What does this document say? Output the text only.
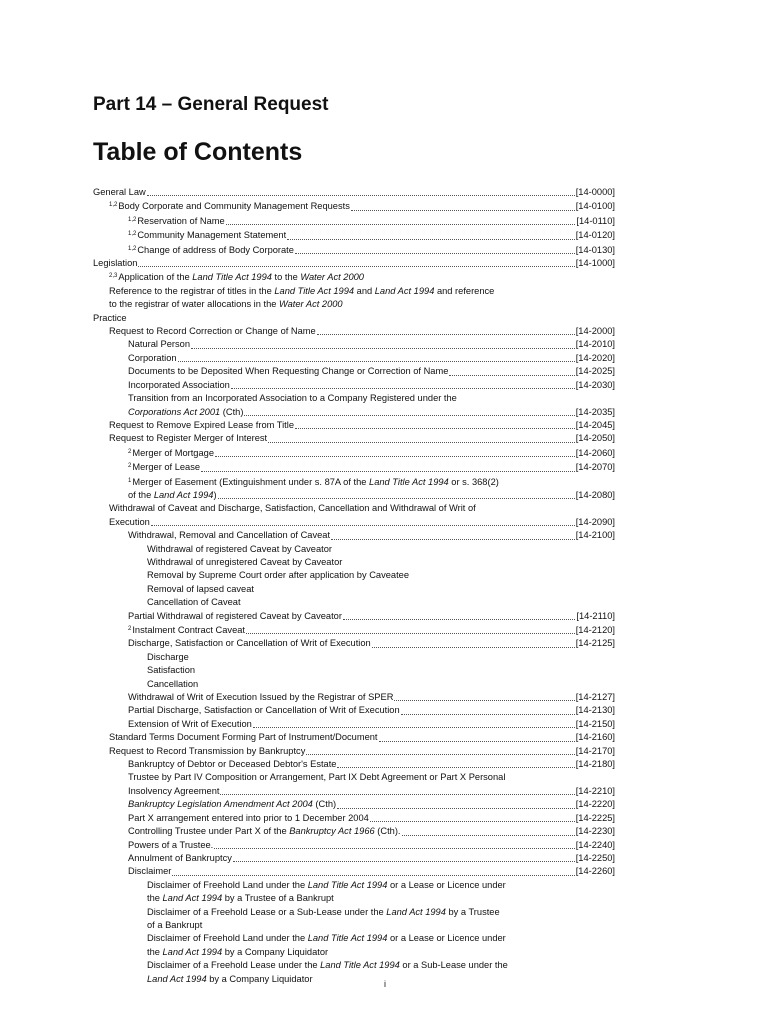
Part 14 – General Request
Table of Contents
General Law	[14-0000]
$^{1,2}$Body Corporate and Community Management Requests	[14-0100]
$^{1,2}$Reservation of Name	[14-0110]
$^{1,2}$Community Management Statement	[14-0120]
$^{1,2}$Change of address of Body Corporate	[14-0130]
Legislation	[14-1000]
$^{2,3}$Application of the Land Title Act 1994 to the Water Act 2000
Reference to the registrar of titles in the Land Title Act 1994 and Land Act 1994 and reference
to the registrar of water allocations in the Water Act 2000
Practice
Request to Record Correction or Change of Name	[14-2000]
Natural Person	[14-2010]
Corporation	[14-2020]
Documents to be Deposited When Requesting Change or Correction of Name	[14-2025]
Incorporated Association	[14-2030]
Transition from an Incorporated Association to a Company Registered under the
Corporations Act 2001 (Cth)	[14-2035]
Request to Remove Expired Lease from Title	[14-2045]
Request to Register Merger of Interest	[14-2050]
$^2$Merger of Mortgage	[14-2060]
$^2$Merger of Lease	[14-2070]
$^1$Merger of Easement (Extinguishment under s. 87A of the Land Title Act 1994 or s. 368(2)
of the Land Act 1994)	[14-2080]
Withdrawal of Caveat and Discharge, Satisfaction, Cancellation and Withdrawal of Writ of
Execution	[14-2090]
Withdrawal, Removal and Cancellation of Caveat	[14-2100]
Withdrawal of registered Caveat by Caveator
Withdrawal of unregistered Caveat by Caveator
Removal by Supreme Court order after application by Caveatee
Removal of lapsed caveat
Cancellation of Caveat
Partial Withdrawal of registered Caveat by Caveator	[14-2110]
$^2$Instalment Contract Caveat	[14-2120]
Discharge, Satisfaction or Cancellation of Writ of Execution	[14-2125]
Discharge
Satisfaction
Cancellation
Withdrawal of Writ of Execution Issued by the Registrar of SPER	[14-2127]
Partial Discharge, Satisfaction or Cancellation of Writ of Execution	[14-2130]
Extension of Writ of Execution	[14-2150]
Standard Terms Document Forming Part of Instrument/Document	[14-2160]
Request to Record Transmission by Bankruptcy	[14-2170]
Bankruptcy of Debtor or Deceased Debtor's Estate	[14-2180]
Trustee by Part IV Composition or Arrangement, Part IX Debt Agreement or Part X Personal
Insolvency Agreement	[14-2210]
Bankruptcy Legislation Amendment Act 2004 (Cth)	[14-2220]
Part X arrangement entered into prior to 1 December 2004	[14-2225]
Controlling Trustee under Part X of the Bankruptcy Act 1966 (Cth).	[14-2230]
Powers of a Trustee.	[14-2240]
Annulment of Bankruptcy	[14-2250]
Disclaimer	[14-2260]
Disclaimer of Freehold Land under the Land Title Act 1994 or a Lease or Licence under
the Land Act 1994 by a Trustee of a Bankrupt
Disclaimer of a Freehold Lease or a Sub-Lease under the Land Act 1994 by a Trustee
of a Bankrupt
Disclaimer of Freehold Land under the Land Title Act 1994 or a Lease or Licence under
the Land Act 1994 by a Company Liquidator
Disclaimer of a Freehold Lease under the Land Title Act 1994 or a Sub-Lease under the
Land Act 1994 by a Company Liquidator
i
